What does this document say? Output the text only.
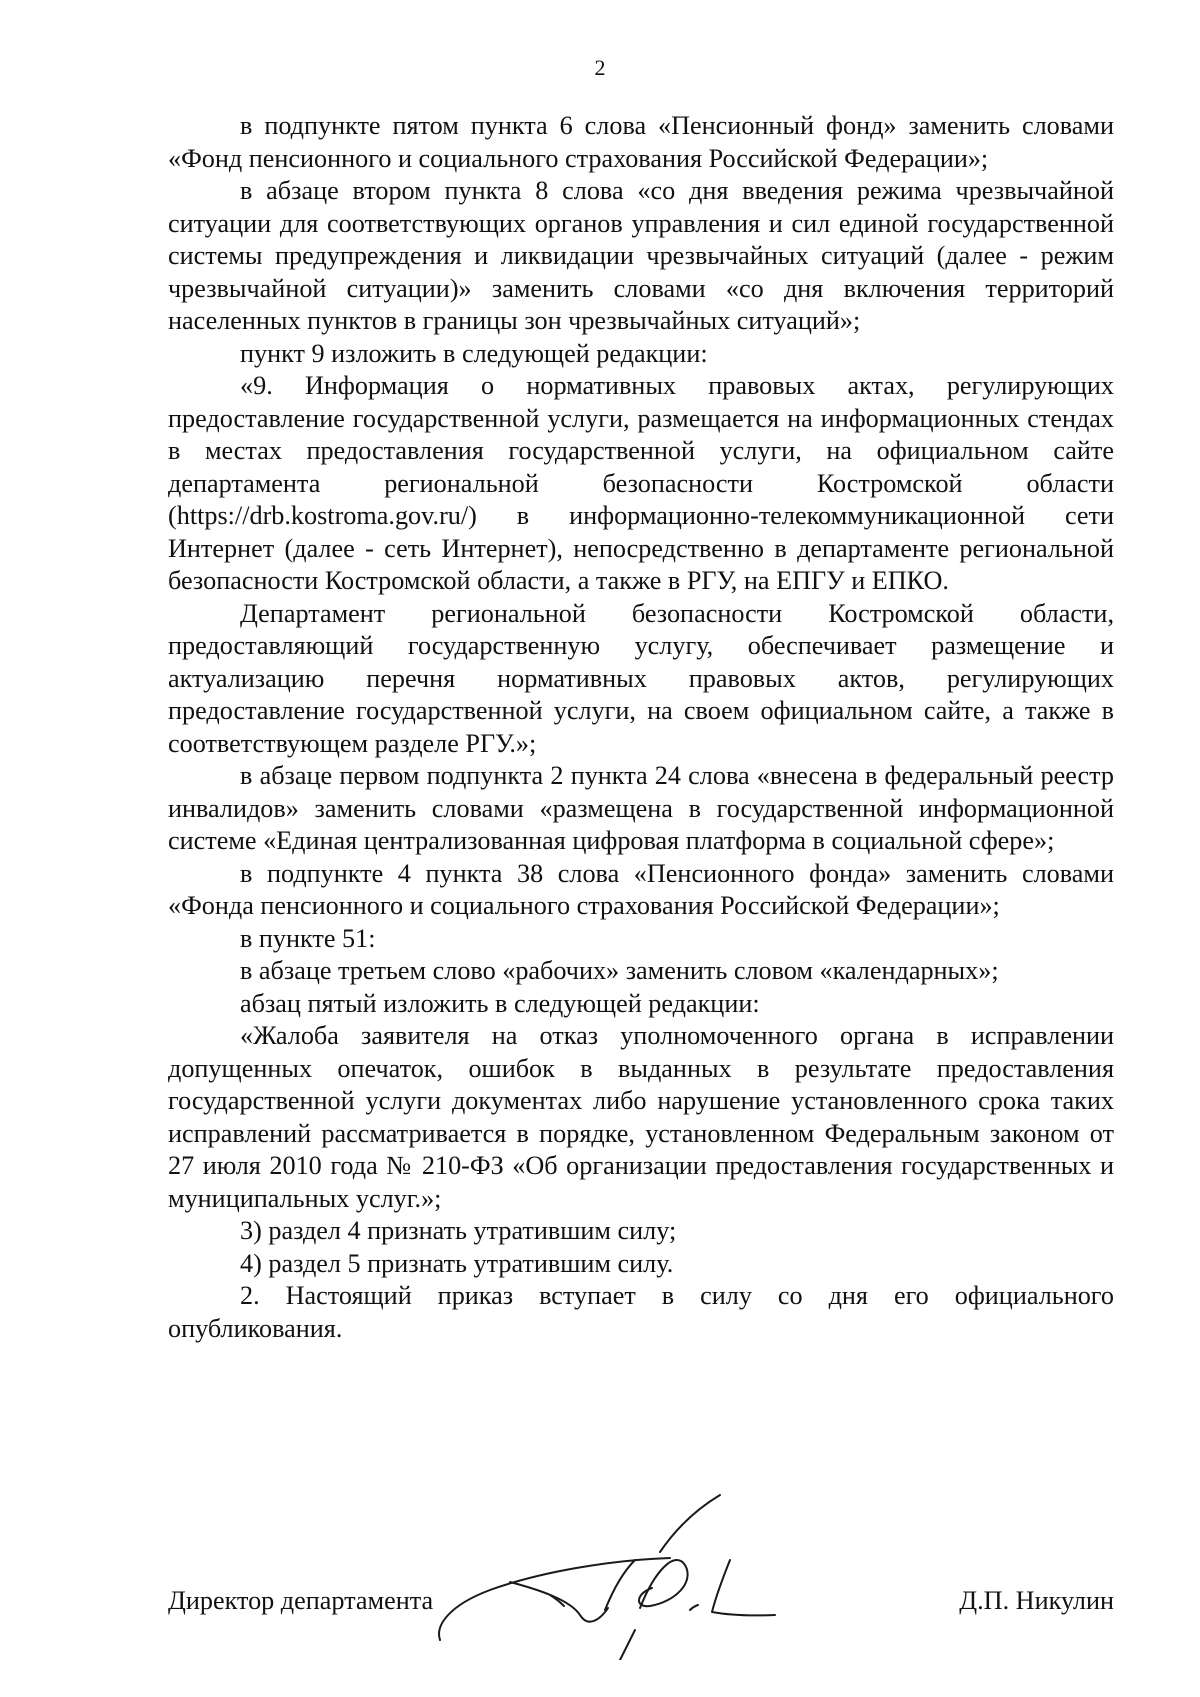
2

в подпункте пятом пункта 6 слова «Пенсионный фонд» заменить словами «Фонд пенсионного и социального страхования Российской Федерации»;

в абзаце втором пункта 8 слова «со дня введения режима чрезвычайной ситуации для соответствующих органов управления и сил единой государственной системы предупреждения и ликвидации чрезвычайных ситуаций (далее - режим чрезвычайной ситуации)» заменить словами «со дня включения территорий населенных пунктов в границы зон чрезвычайных ситуаций»;

пункт 9 изложить в следующей редакции:

«9. Информация о нормативных правовых актах, регулирующих предоставление государственной услуги, размещается на информационных стендах в местах предоставления государственной услуги, на официальном сайте департамента региональной безопасности Костромской области (https://drb.kostroma.gov.ru/) в информационно-телекоммуникационной сети Интернет (далее - сеть Интернет), непосредственно в департаменте региональной безопасности Костромской области, а также в РГУ, на ЕПГУ и ЕПКО.

Департамент региональной безопасности Костромской области, предоставляющий государственную услугу, обеспечивает размещение и актуализацию перечня нормативных правовых актов, регулирующих предоставление государственной услуги, на своем официальном сайте, а также в соответствующем разделе РГУ.»;

в абзаце первом подпункта 2 пункта 24 слова «внесена в федеральный реестр инвалидов» заменить словами «размещена в государственной информационной системе «Единая централизованная цифровая платформа в социальной сфере»;

в подпункте 4 пункта 38 слова «Пенсионного фонда» заменить словами «Фонда пенсионного и социального страхования Российской Федерации»;

в пункте 51:

в абзаце третьем слово «рабочих» заменить словом «календарных»;

абзац пятый изложить в следующей редакции:

«Жалоба заявителя на отказ уполномоченного органа в исправлении допущенных опечаток, ошибок в выданных в результате предоставления государственной услуги документах либо нарушение установленного срока таких исправлений рассматривается в порядке, установленном Федеральным законом от 27 июля 2010 года № 210-ФЗ «Об организации предоставления государственных и муниципальных услуг.»;

3) раздел 4 признать утратившим силу;

4) раздел 5 признать утратившим силу.

2. Настоящий приказ вступает в силу со дня его официального опубликования.

Директор департамента	Д.П. Никулин
